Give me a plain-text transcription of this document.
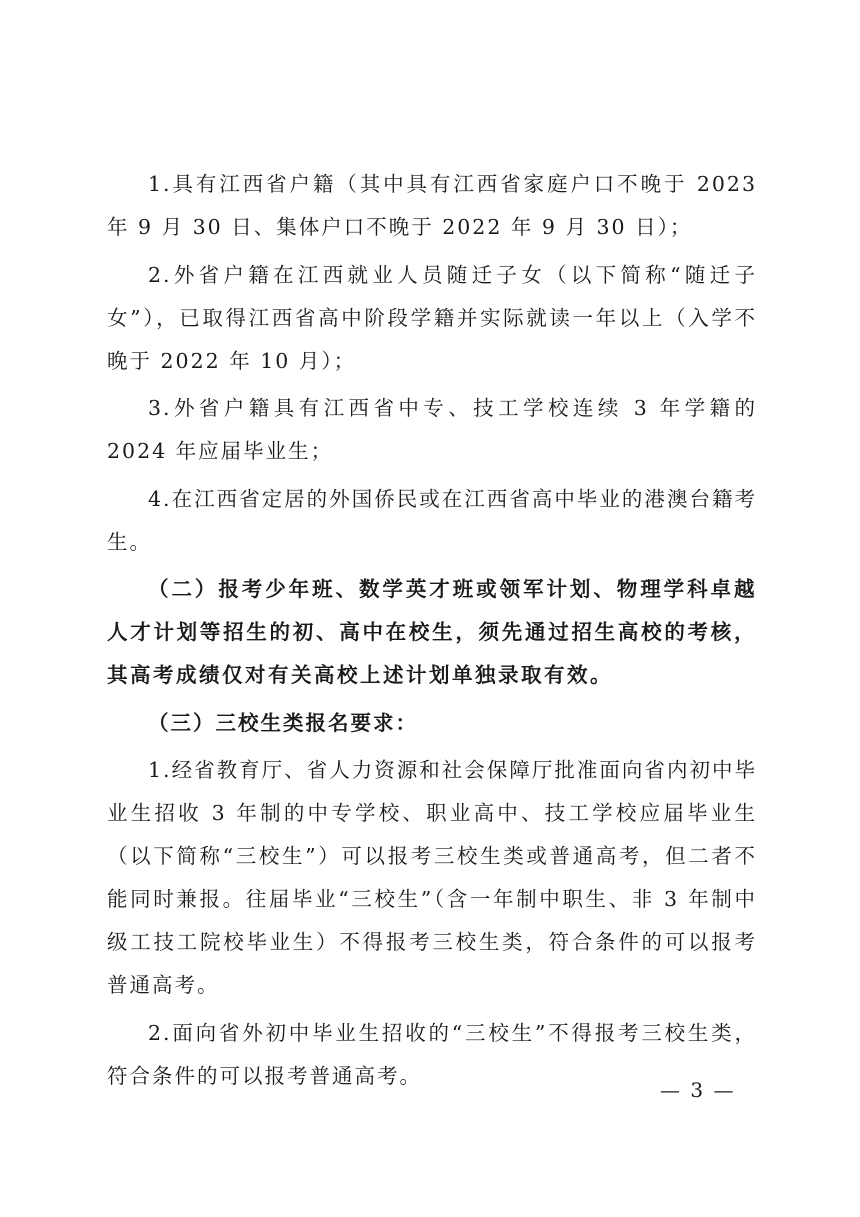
1.具有江西省户籍（其中具有江西省家庭户口不晚于 2023 年 9 月 30 日、集体户口不晚于 2022 年 9 月 30 日）；

2.外省户籍在江西就业人员随迁子女（以下简称“随迁子女”），已取得江西省高中阶段学籍并实际就读一年以上（入学不晚于 2022 年 10 月）；

3.外省户籍具有江西省中专、技工学校连续 3 年学籍的 2024 年应届毕业生；

4.在江西省定居的外国侨民或在江西省高中毕业的港澳台籍考生。

（二）报考少年班、数学英才班或领军计划、物理学科卓越人才计划等招生的初、高中在校生，须先通过招生高校的考核，其高考成绩仅对有关高校上述计划单独录取有效。

（三）三校生类报名要求：

1.经省教育厅、省人力资源和社会保障厅批准面向省内初中毕业生招收 3 年制的中专学校、职业高中、技工学校应届毕业生（以下简称“三校生”）可以报考三校生类或普通高考，但二者不能同时兼报。往届毕业“三校生”（含一年制中职生、非 3 年制中级工技工院校毕业生）不得报考三校生类，符合条件的可以报考普通高考。

2.面向省外初中毕业生招收的“三校生”不得报考三校生类，符合条件的可以报考普通高考。

— 3 —
